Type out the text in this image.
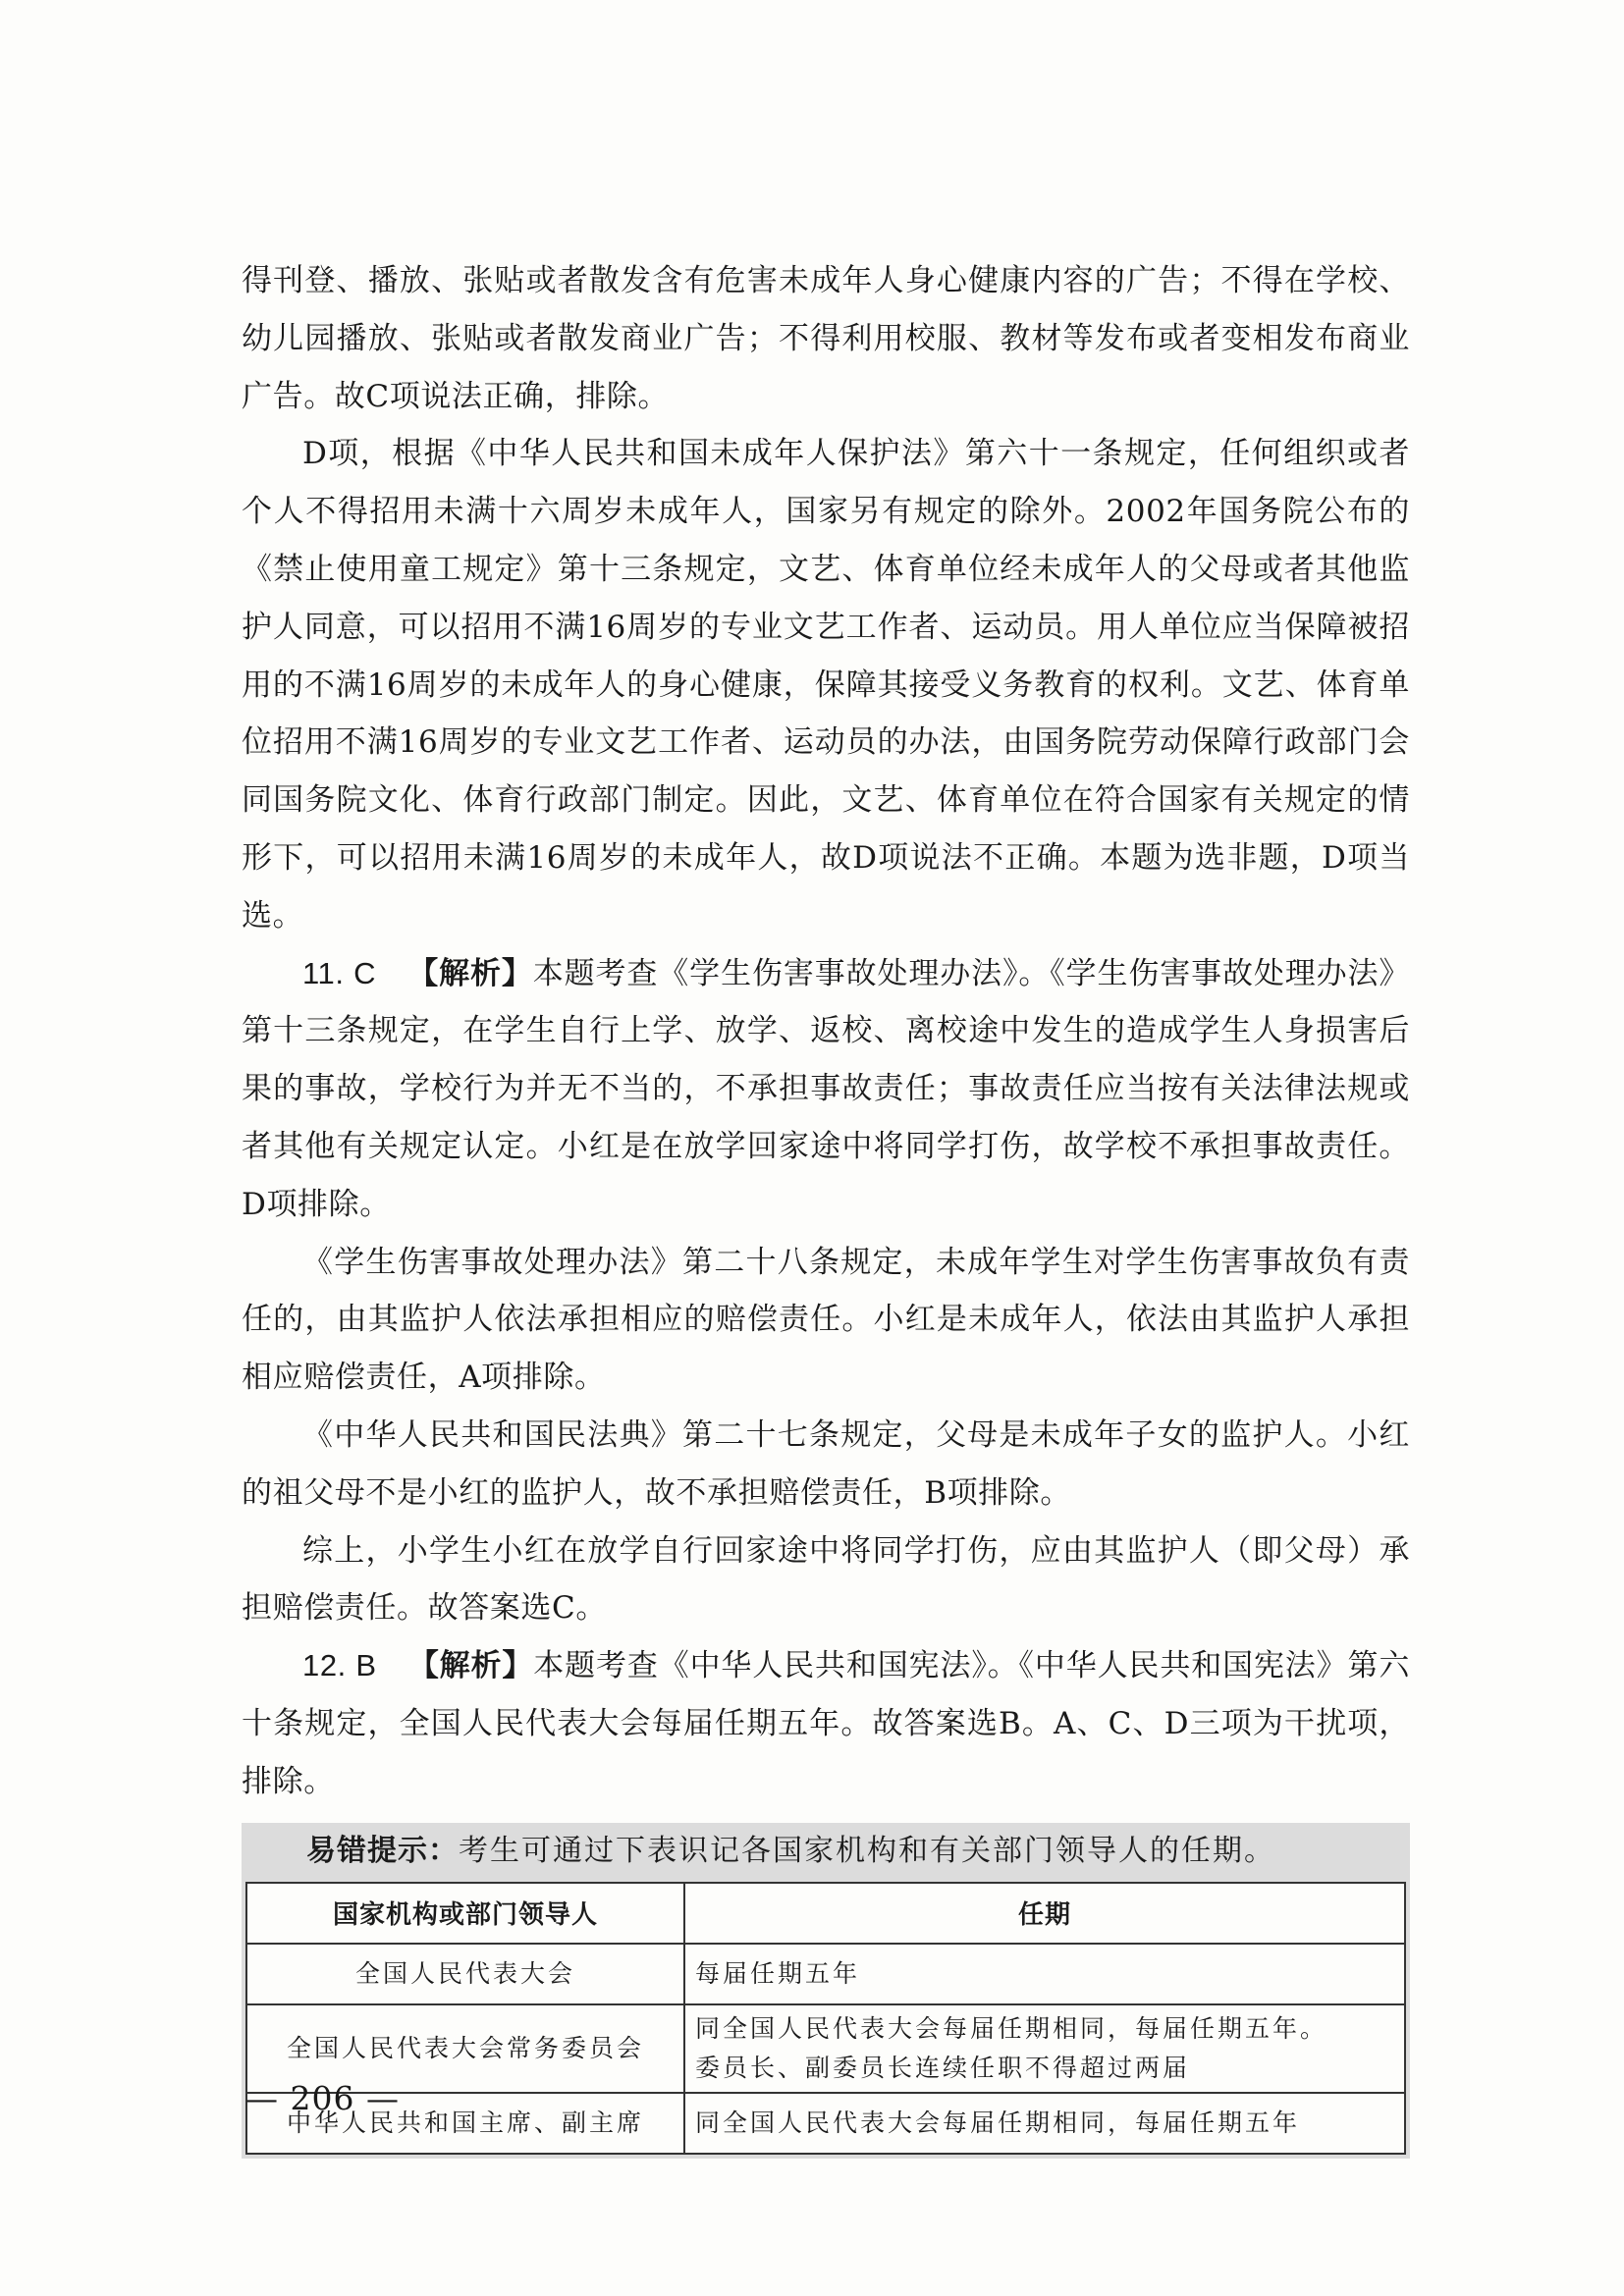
得刊登、播放、张贴或者散发含有危害未成年人身心健康内容的广告；不得在学校、幼儿园播放、张贴或者散发商业广告；不得利用校服、教材等发布或者变相发布商业广告。故C项说法正确，排除。

D项，根据《中华人民共和国未成年人保护法》第六十一条规定，任何组织或者个人不得招用未满十六周岁未成年人，国家另有规定的除外。2002年国务院公布的《禁止使用童工规定》第十三条规定，文艺、体育单位经未成年人的父母或者其他监护人同意，可以招用不满16周岁的专业文艺工作者、运动员。用人单位应当保障被招用的不满16周岁的未成年人的身心健康，保障其接受义务教育的权利。文艺、体育单位招用不满16周岁的专业文艺工作者、运动员的办法，由国务院劳动保障行政部门会同国务院文化、体育行政部门制定。因此，文艺、体育单位在符合国家有关规定的情形下，可以招用未满16周岁的未成年人，故D项说法不正确。本题为选非题，D项当选。

11. C 【解析】本题考查《学生伤害事故处理办法》。《学生伤害事故处理办法》第十三条规定，在学生自行上学、放学、返校、离校途中发生的造成学生人身损害后果的事故，学校行为并无不当的，不承担事故责任；事故责任应当按有关法律法规或者其他有关规定认定。小红是在放学回家途中将同学打伤，故学校不承担事故责任。D项排除。

《学生伤害事故处理办法》第二十八条规定，未成年学生对学生伤害事故负有责任的，由其监护人依法承担相应的赔偿责任。小红是未成年人，依法由其监护人承担相应赔偿责任，A项排除。

《中华人民共和国民法典》第二十七条规定，父母是未成年子女的监护人。小红的祖父母不是小红的监护人，故不承担赔偿责任，B项排除。

综上，小学生小红在放学自行回家途中将同学打伤，应由其监护人（即父母）承担赔偿责任。故答案选C。

12. B 【解析】本题考查《中华人民共和国宪法》。《中华人民共和国宪法》第六十条规定，全国人民代表大会每届任期五年。故答案选B。A、C、D三项为干扰项，排除。

易错提示：考生可通过下表识记各国家机构和有关部门领导人的任期。

国家机构或部门领导人	任期
全国人民代表大会	每届任期五年

全国人民代表大会常务委员会	同全国人民代表大会每届任期相同，每届任期五年。
委员长、副委员长连续任职不得超过两届

中华人民共和国主席、副主席	同全国人民代表大会每届任期相同，每届任期五年
— 206 —
